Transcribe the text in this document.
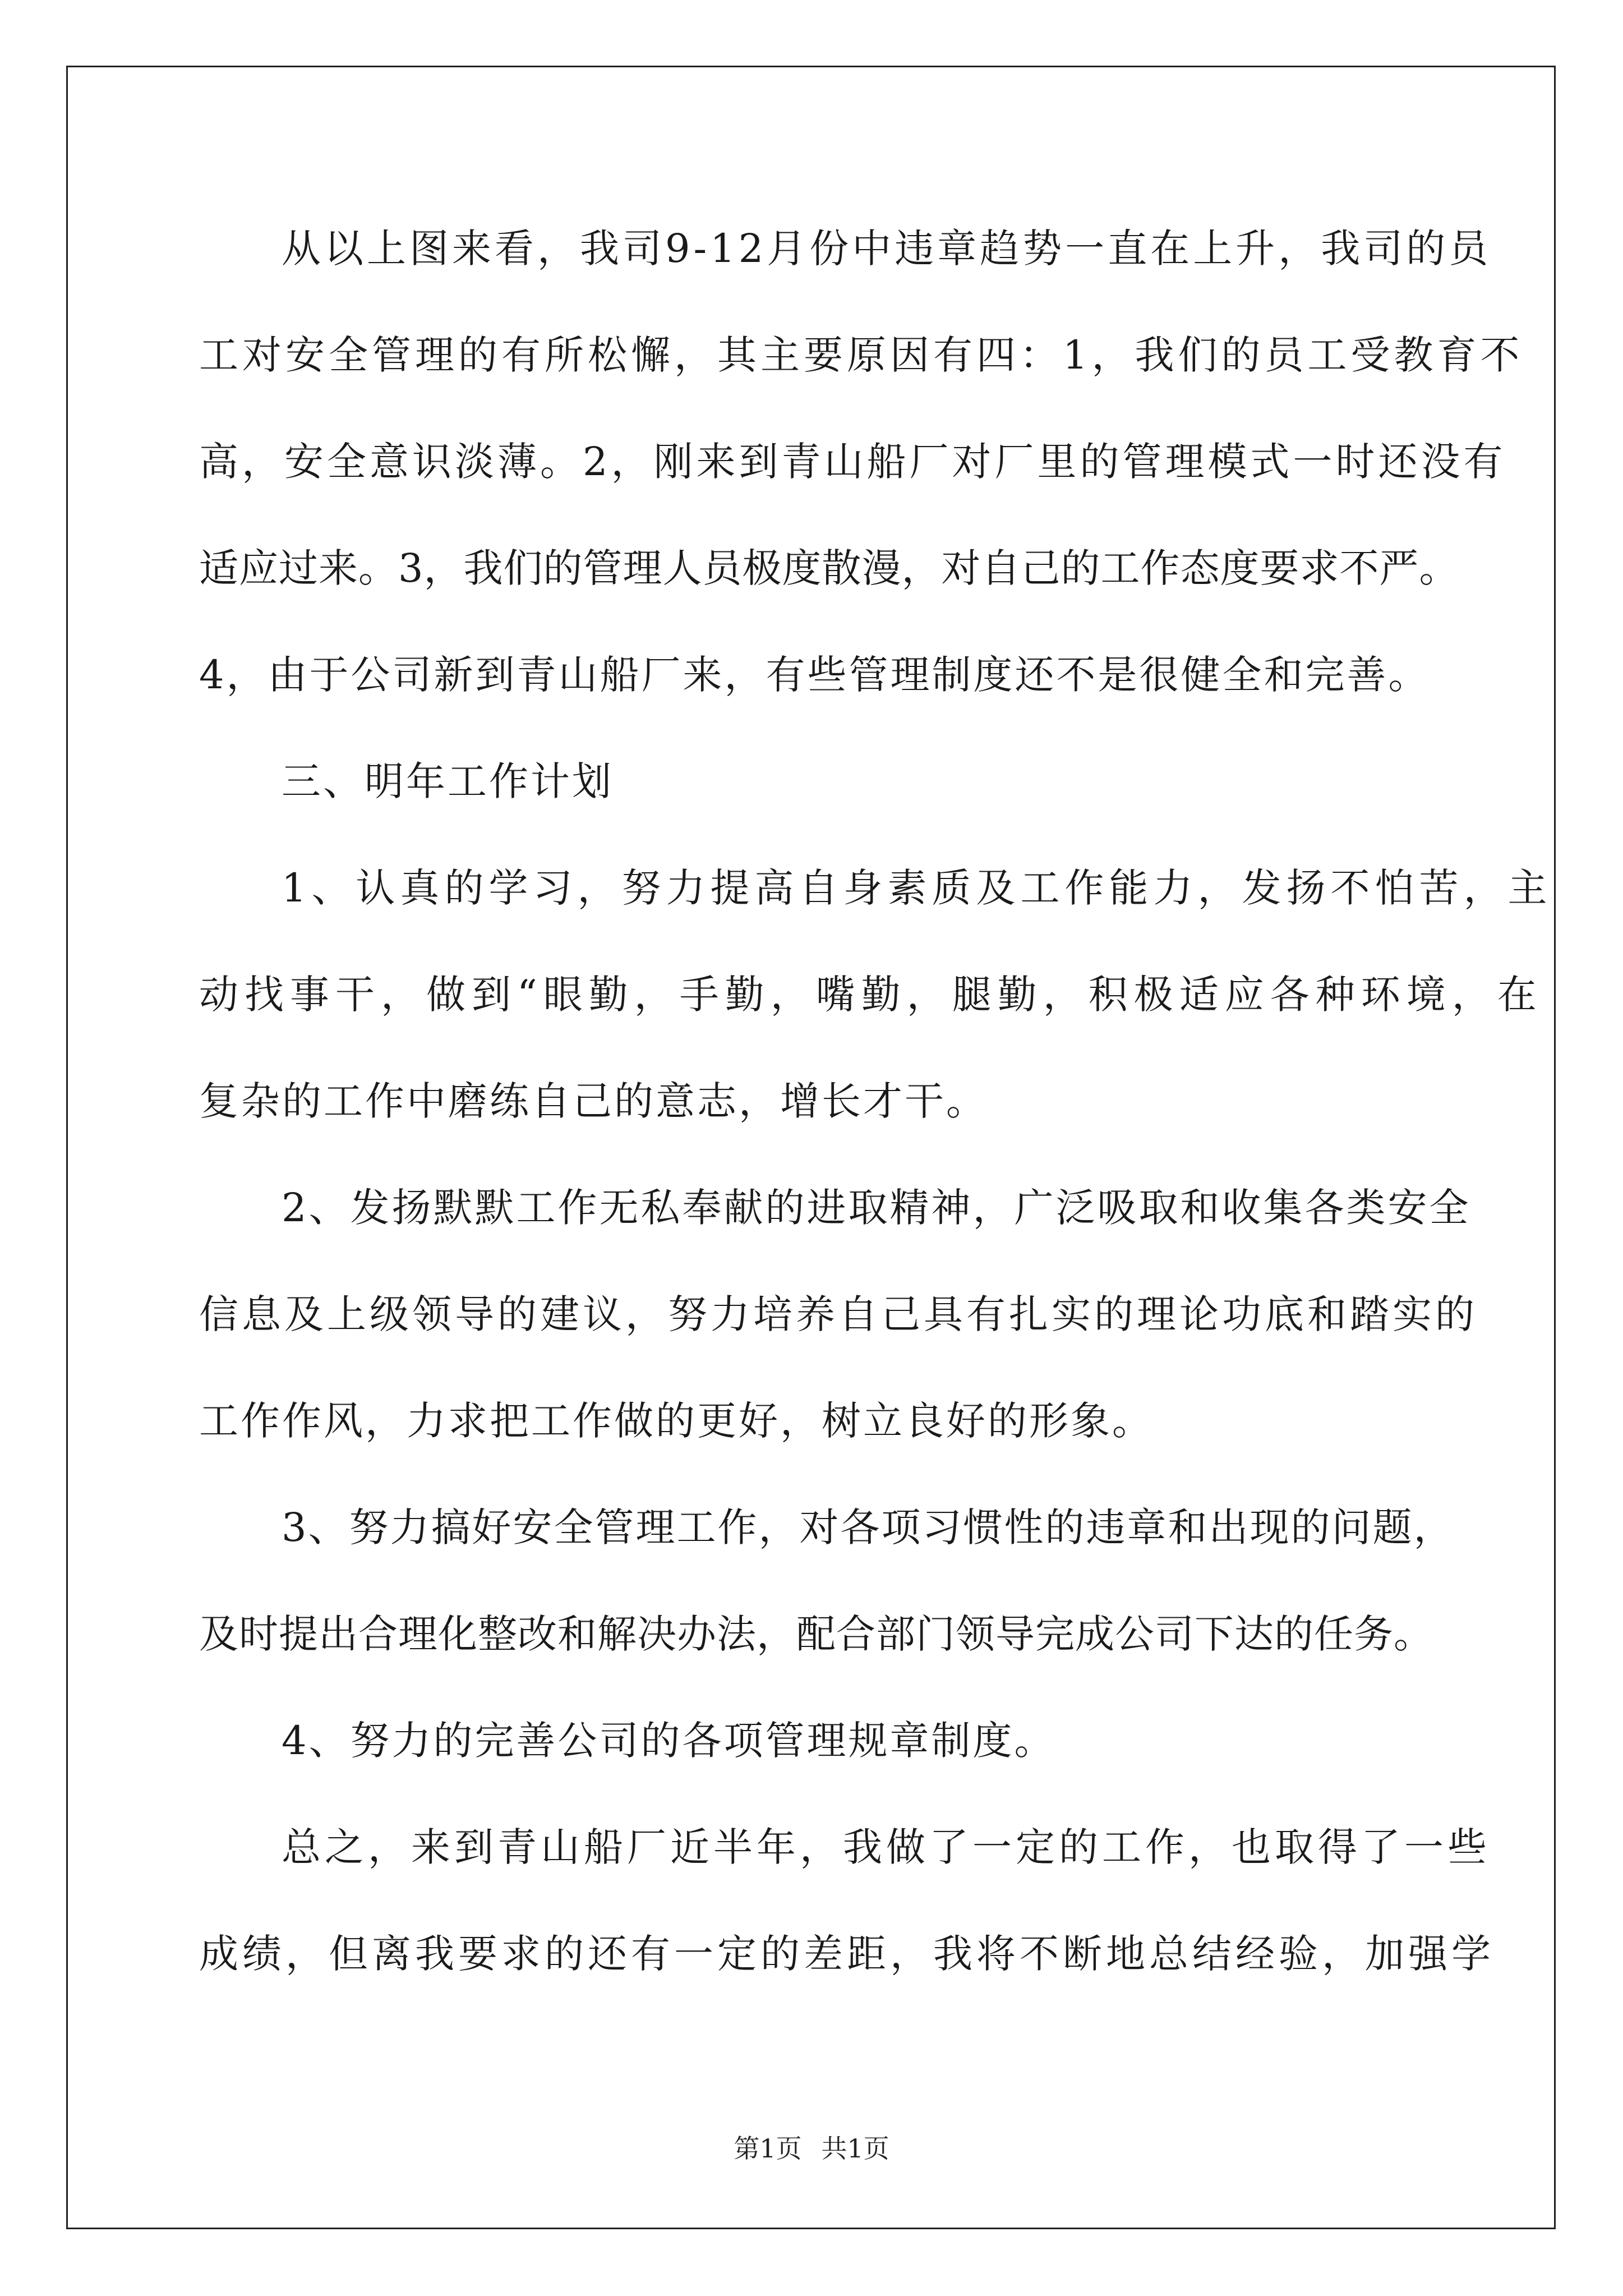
从以上图来看，我司9-12月份中违章趋势一直在上升，我司的员
工对安全管理的有所松懈，其主要原因有四：1，我们的员工受教育不
高，安全意识淡薄。2，刚来到青山船厂对厂里的管理模式一时还没有
适应过来。3，我们的管理人员极度散漫，对自己的工作态度要求不严。
4，由于公司新到青山船厂来，有些管理制度还不是很健全和完善。
三、明年工作计划
1、认真的学习，努力提高自身素质及工作能力，发扬不怕苦，主
动找事干，做到“眼勤，手勤，嘴勤，腿勤，积极适应各种环境，在
复杂的工作中磨练自己的意志，增长才干。
2、发扬默默工作无私奉献的进取精神，广泛吸取和收集各类安全
信息及上级领导的建议，努力培养自己具有扎实的理论功底和踏实的
工作作风，力求把工作做的更好，树立良好的形象。
3、努力搞好安全管理工作，对各项习惯性的违章和出现的问题，
及时提出合理化整改和解决办法，配合部门领导完成公司下达的任务。
4、努力的完善公司的各项管理规章制度。
总之，来到青山船厂近半年，我做了一定的工作，也取得了一些
成绩，但离我要求的还有一定的差距，我将不断地总结经验，加强学
第1页 共1页
